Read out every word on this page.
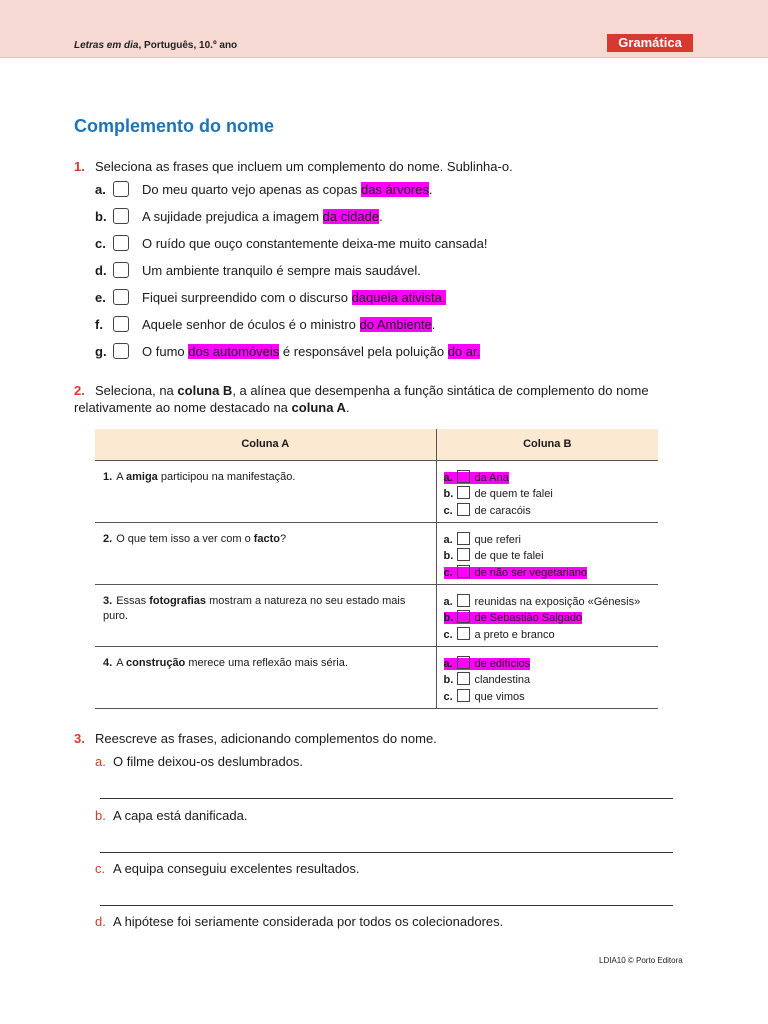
Letras em dia, Português, 10.º ano	Gramática
Complemento do nome
1. Seleciona as frases que incluem um complemento do nome. Sublinha-o.
a.	Do meu quarto vejo apenas as copas das árvores.
b.	A sujidade prejudica a imagem da cidade.
c.	O ruído que ouço constantemente deixa-me muito cansada!
d.	Um ambiente tranquilo é sempre mais saudável.
e.	Fiquei surpreendido com o discurso daquela ativista.
f.	Aquele senhor de óculos é o ministro do Ambiente.
g.	O fumo dos automóveis é responsável pela poluição do ar.
2. Seleciona, na coluna B, a alínea que desempenha a função sintática de complemento do nome relativamente ao nome destacado na coluna A.
Coluna A	Coluna B
1. A amiga participou na manifestação.	a. da Ana
b. de quem te falei
c. de caracóis

2. O que tem isso a ver com o facto?	a. que referi
b. de que te falei
c. de não ser vegetariano

3. Essas fotografias mostram a natureza no seu estado mais puro.	a. reunidas na exposição «Génesis»
b. de Sebastião Salgado
c. a preto e branco

4. A construção merece uma reflexão mais séria.	a. de edifícios
b. clandestina
c. que vimos
3. Reescreve as frases, adicionando complementos do nome.
a. O filme deixou-os deslumbrados.
b. A capa está danificada.
c. A equipa conseguiu excelentes resultados.
d. A hipótese foi seriamente considerada por todos os colecionadores.
LDIA10 © Porto Editora
